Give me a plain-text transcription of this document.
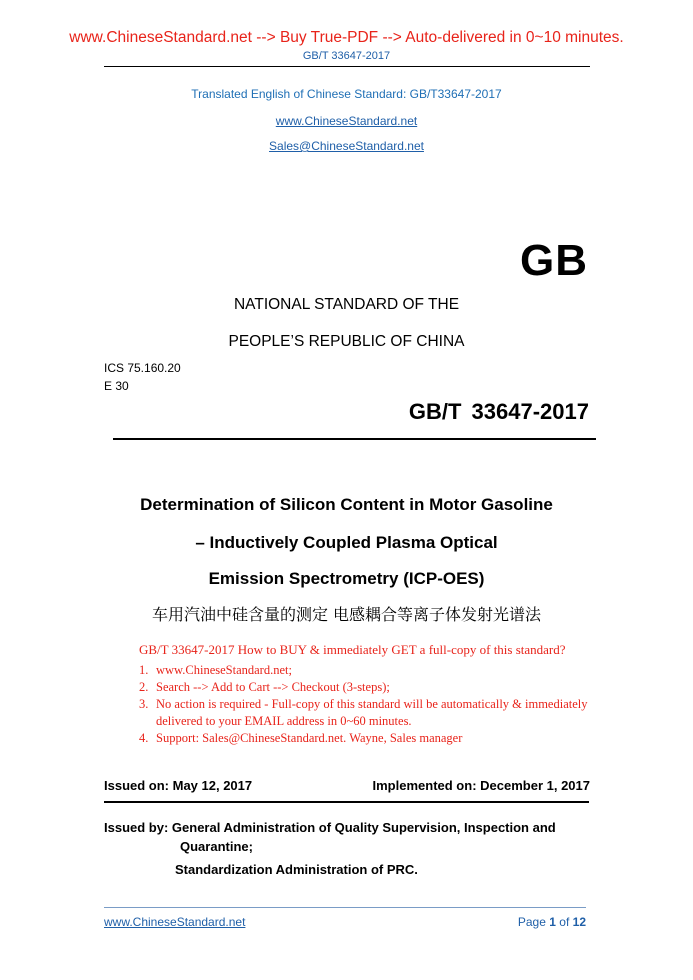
www.ChineseStandard.net --> Buy True-PDF --> Auto-delivered in 0~10 minutes.
GB/T 33647-2017
Translated English of Chinese Standard: GB/T33647-2017
www.ChineseStandard.net
Sales@ChineseStandard.net
GB
NATIONAL STANDARD OF THE
PEOPLE’S REPUBLIC OF CHINA
ICS 75.160.20
E 30
GB/T 33647-2017
Determination of Silicon Content in Motor Gasoline
– Inductively Coupled Plasma Optical
Emission Spectrometry (ICP-OES)
车用汽油中硅含量的测定 电感耦合等离子体发射光谱法
GB/T 33647-2017 How to BUY & immediately GET a full-copy of this standard?
1. www.ChineseStandard.net;
2. Search --> Add to Cart --> Checkout (3-steps);
3. No action is required - Full-copy of this standard will be automatically & immediately delivered to your EMAIL address in 0~60 minutes.
4. Support: Sales@ChineseStandard.net. Wayne, Sales manager
Issued on: May 12, 2017	Implemented on: December 1, 2017
Issued by: General Administration of Quality Supervision, Inspection and
Quarantine;
Standardization Administration of PRC.
www.ChineseStandard.net	Page 1 of 12
